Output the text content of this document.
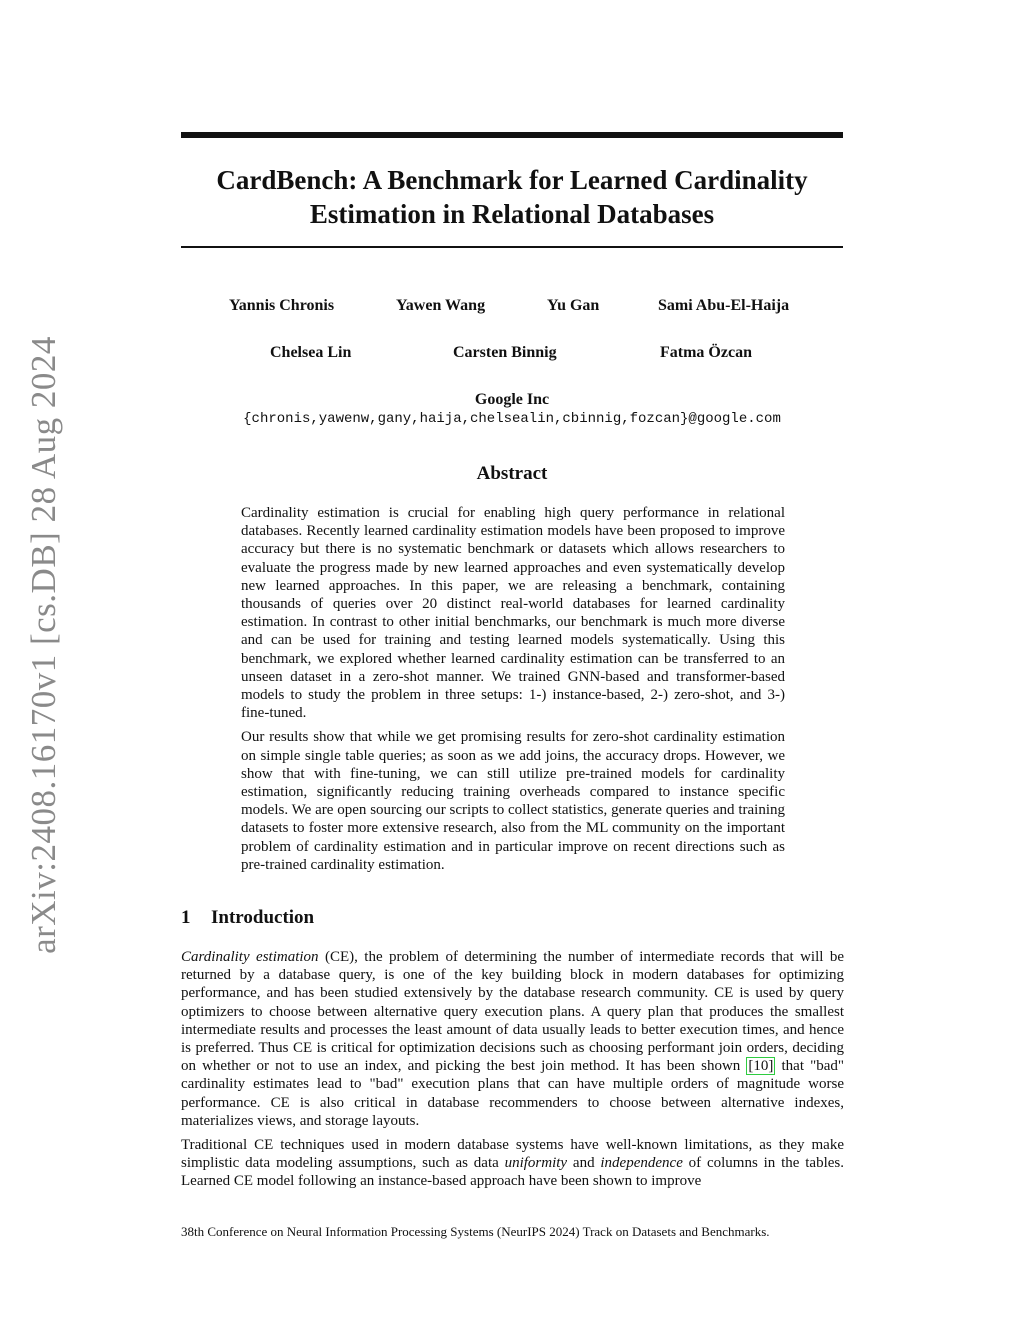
arXiv:2408.16170v1 [cs.DB] 28 Aug 2024
CardBench: A Benchmark for Learned Cardinality
Estimation in Relational Databases
Yannis Chronis	Yawen Wang	Yu Gan	Sami Abu-El-Haija
Chelsea Lin	Carsten Binnig	Fatma Özcan
Google Inc
{chronis,yawenw,gany,haija,chelsealin,cbinnig,fozcan}@google.com
Abstract

Cardinality estimation is crucial for enabling high query performance in relational databases. Recently learned cardinality estimation models have been proposed to improve accuracy but there is no systematic benchmark or datasets which allows researchers to evaluate the progress made by new learned approaches and even systematically develop new learned approaches. In this paper, we are releasing a benchmark, containing thousands of queries over 20 distinct real-world databases for learned cardinality estimation. In contrast to other initial benchmarks, our benchmark is much more diverse and can be used for training and testing learned models systematically. Using this benchmark, we explored whether learned cardinality estimation can be transferred to an unseen dataset in a zero-shot manner. We trained GNN-based and transformer-based models to study the problem in three setups: 1-) instance-based, 2-) zero-shot, and 3-) fine-tuned.

Our results show that while we get promising results for zero-shot cardinality estimation on simple single table queries; as soon as we add joins, the accuracy drops. However, we show that with fine-tuning, we can still utilize pre-trained models for cardinality estimation, significantly reducing training overheads compared to instance specific models. We are open sourcing our scripts to collect statistics, generate queries and training datasets to foster more extensive research, also from the ML community on the important problem of cardinality estimation and in particular improve on recent directions such as pre-trained cardinality estimation.

1 Introduction

Cardinality estimation (CE), the problem of determining the number of intermediate records that will be returned by a database query, is one of the key building block in modern databases for optimizing performance, and has been studied extensively by the database research community. CE is used by query optimizers to choose between alternative query execution plans. A query plan that produces the smallest intermediate results and processes the least amount of data usually leads to better execution times, and hence is preferred. Thus CE is critical for optimization decisions such as choosing performant join orders, deciding on whether or not to use an index, and picking the best join method. It has been shown [10] that "bad" cardinality estimates lead to "bad" execution plans that can have multiple orders of magnitude worse performance. CE is also critical in database recommenders to choose between alternative indexes, materializes views, and storage layouts.

Traditional CE techniques used in modern database systems have well-known limitations, as they make simplistic data modeling assumptions, such as data uniformity and independence of columns in the tables. Learned CE model following an instance-based approach have been shown to improve

38th Conference on Neural Information Processing Systems (NeurIPS 2024) Track on Datasets and Benchmarks.
